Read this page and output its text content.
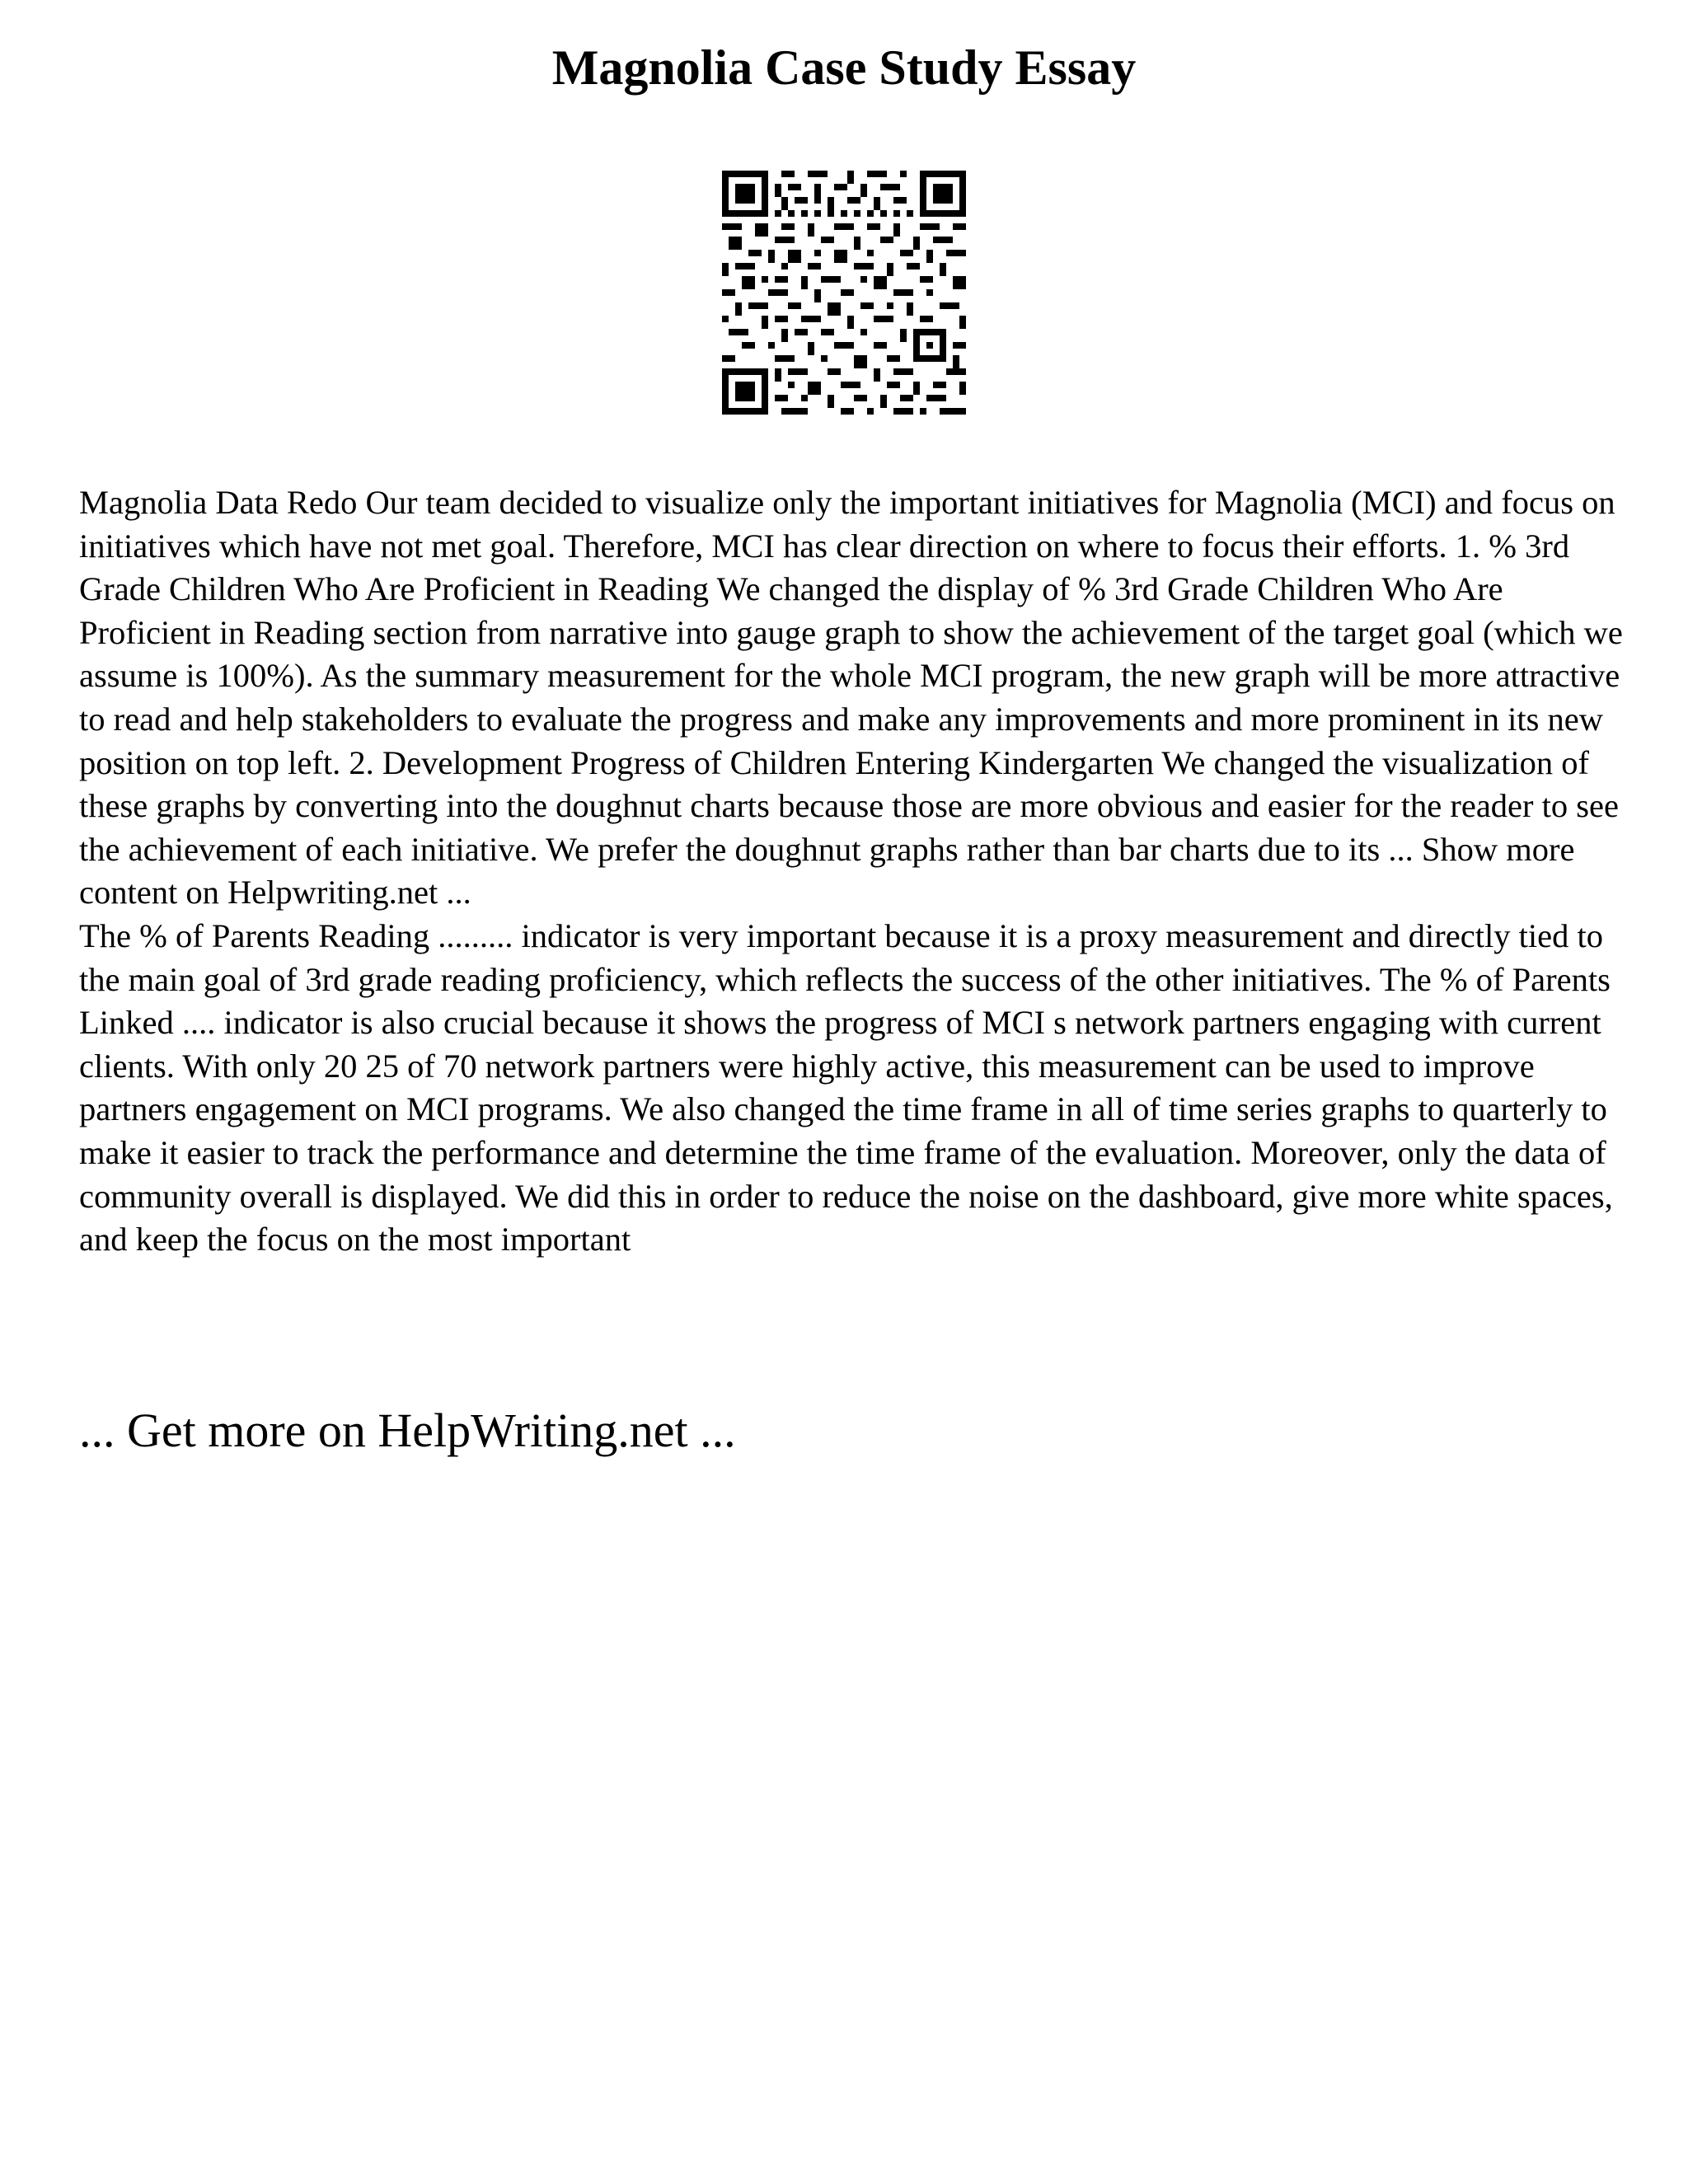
Magnolia Case Study Essay

Magnolia Data Redo Our team decided to visualize only the important initiatives for Magnolia (MCI) and focus on initiatives which have not met goal. Therefore, MCI has clear direction on where to focus their efforts. 1. % 3rd Grade Children Who Are Proficient in Reading We changed the display of % 3rd Grade Children Who Are Proficient in Reading section from narrative into gauge graph to show the achievement of the target goal (which we assume is 100%). As the summary measurement for the whole MCI program, the new graph will be more attractive to read and help stakeholders to evaluate the progress and make any improvements and more prominent in its new position on top left. 2. Development Progress of Children Entering Kindergarten We changed the visualization of these graphs by converting into the doughnut charts because those are more obvious and easier for the reader to see the achievement of each initiative. We prefer the doughnut graphs rather than bar charts due to its ... Show more content on Helpwriting.net ...

The % of Parents Reading ......... indicator is very important because it is a proxy measurement and directly tied to the main goal of 3rd grade reading proficiency, which reflects the success of the other initiatives. The % of Parents Linked .... indicator is also crucial because it shows the progress of MCI s network partners engaging with current clients. With only 20 25 of 70 network partners were highly active, this measurement can be used to improve partners engagement on MCI programs. We also changed the time frame in all of time series graphs to quarterly to make it easier to track the performance and determine the time frame of the evaluation. Moreover, only the data of community overall is displayed. We did this in order to reduce the noise on the dashboard, give more white spaces, and keep the focus on the most important

... Get more on HelpWriting.net ...
